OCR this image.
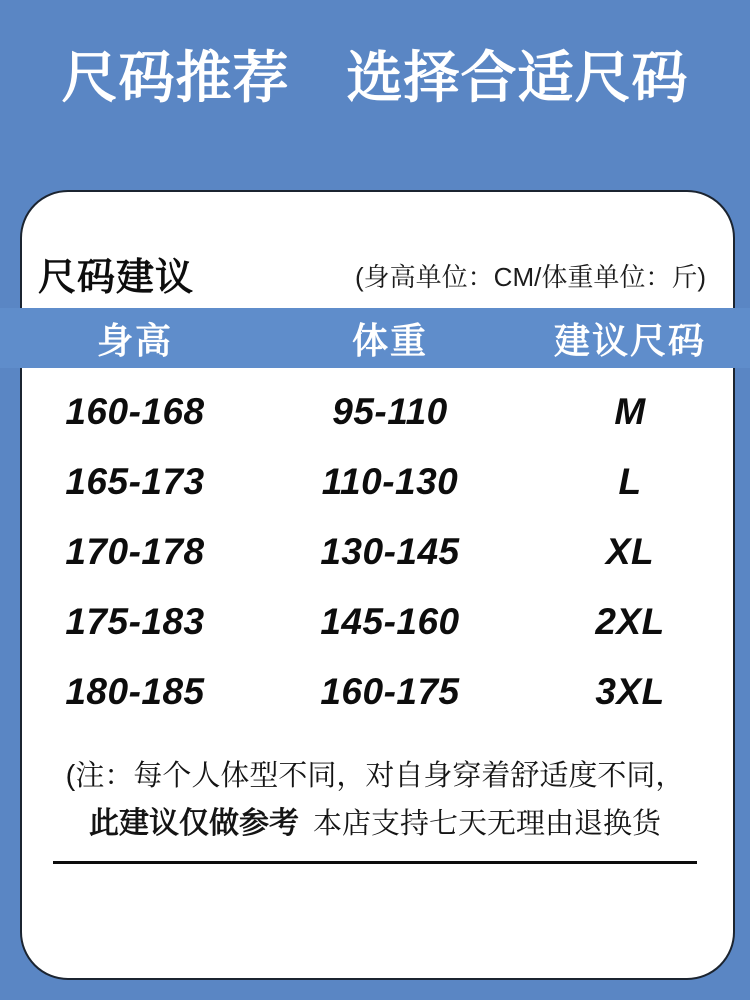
尺码推荐　选择合适尺码
尺码建议	(身高单位：CM/体重单位：斤)
身高	体重	建议尺码
160-168	95-110	M
165-173	110-130	L
170-178	130-145	XL
175-183	145-160	2XL
180-185	160-175	3XL
(注：每个人体型不同，对自身穿着舒适度不同，
此建议仅做参考 本店支持七天无理由退换货
